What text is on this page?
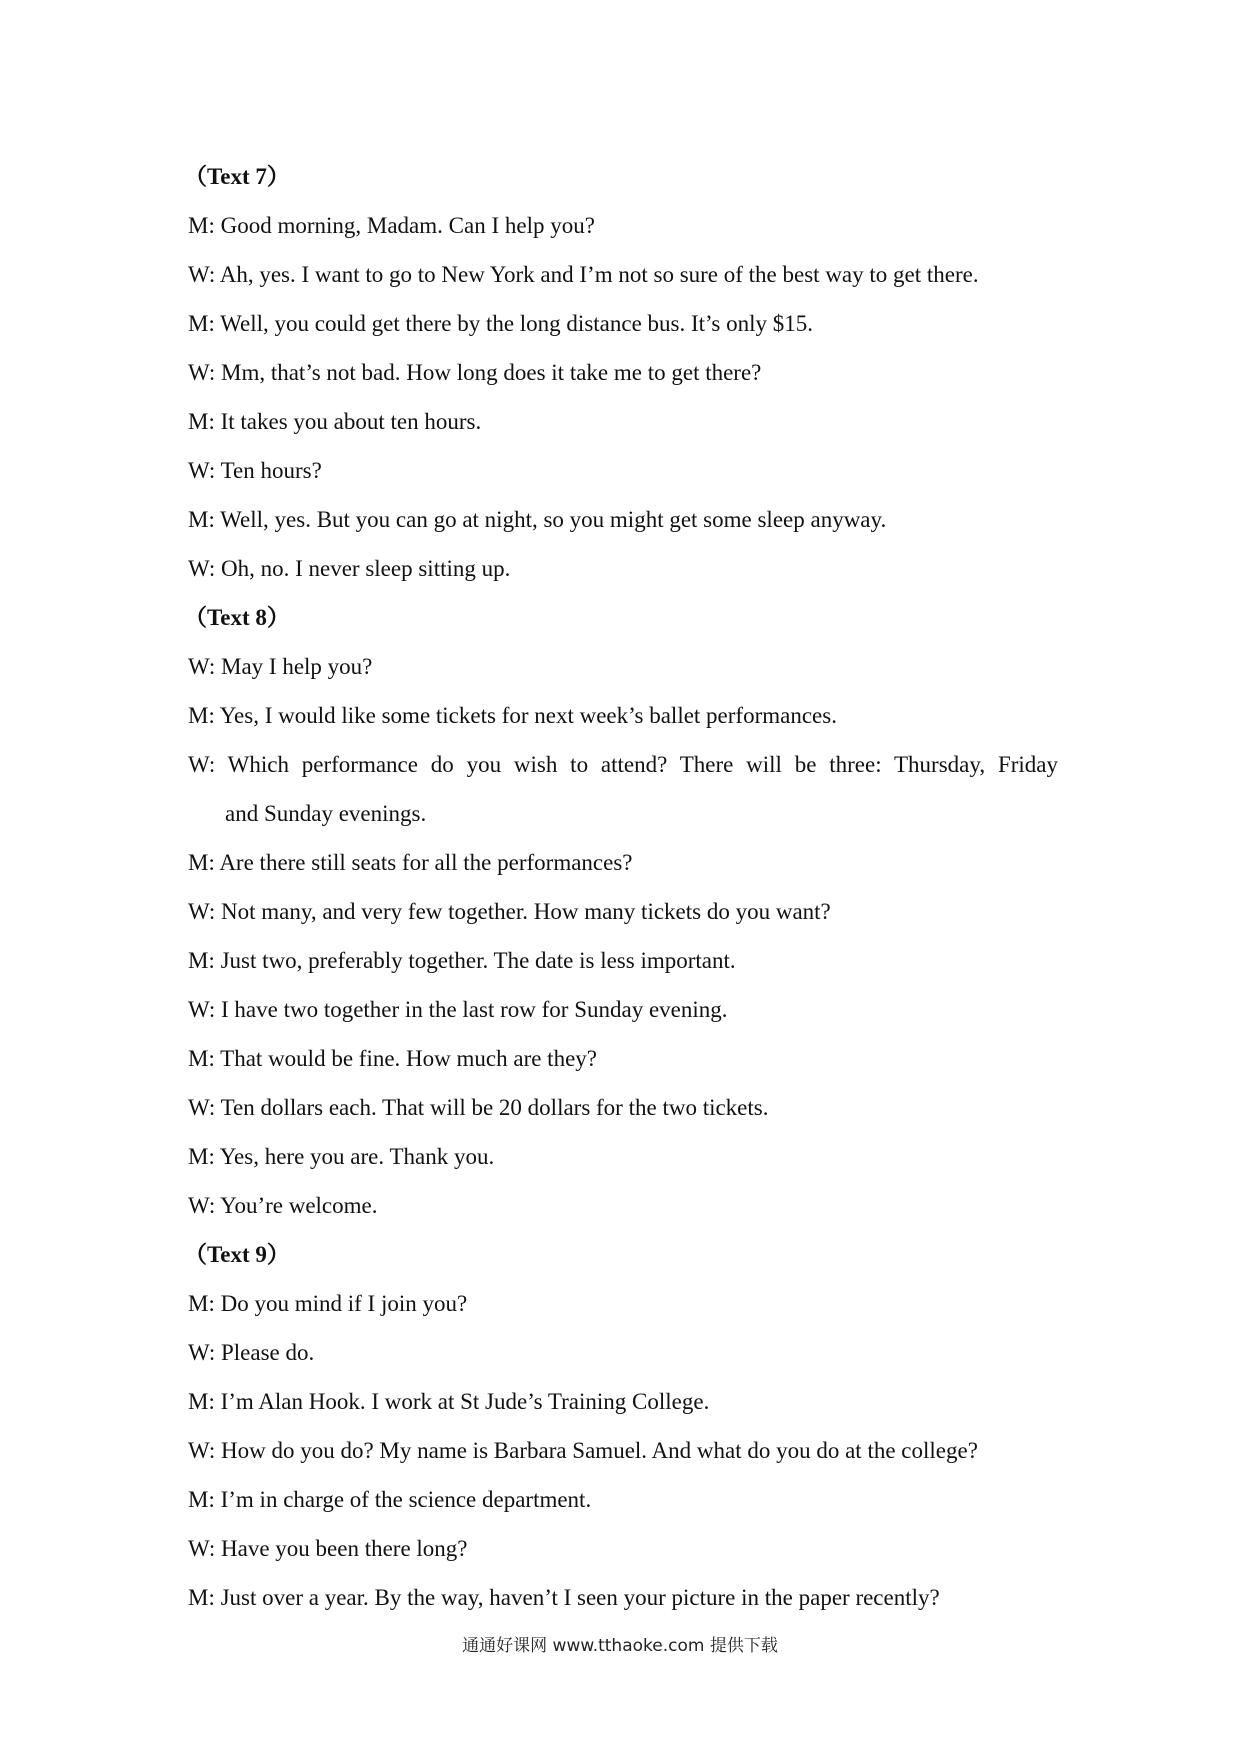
（Text 7）
M: Good morning, Madam. Can I help you?
W: Ah, yes. I want to go to New York and I’m not so sure of the best way to get there.
M: Well, you could get there by the long distance bus. It’s only $15.
W: Mm, that’s not bad. How long does it take me to get there?
M: It takes you about ten hours.
W: Ten hours?
M: Well, yes. But you can go at night, so you might get some sleep anyway.
W: Oh, no. I never sleep sitting up.
（Text 8）
W: May I help you?
M: Yes, I would like some tickets for next week’s ballet performances.
W: Which performance do you wish to attend? There will be three: Thursday, Friday
and Sunday evenings.
M: Are there still seats for all the performances?
W: Not many, and very few together. How many tickets do you want?
M: Just two, preferably together. The date is less important.
W: I have two together in the last row for Sunday evening.
M: That would be fine. How much are they?
W: Ten dollars each. That will be 20 dollars for the two tickets.
M: Yes, here you are. Thank you.
W: You’re welcome.
（Text 9）
M: Do you mind if I join you?
W: Please do.
M: I’m Alan Hook. I work at St Jude’s Training College.
W: How do you do? My name is Barbara Samuel. And what do you do at the college?
M: I’m in charge of the science department.
W: Have you been there long?
M: Just over a year. By the way, haven’t I seen your picture in the paper recently?
通通好课网 www.tthaoke.com 提供下载
